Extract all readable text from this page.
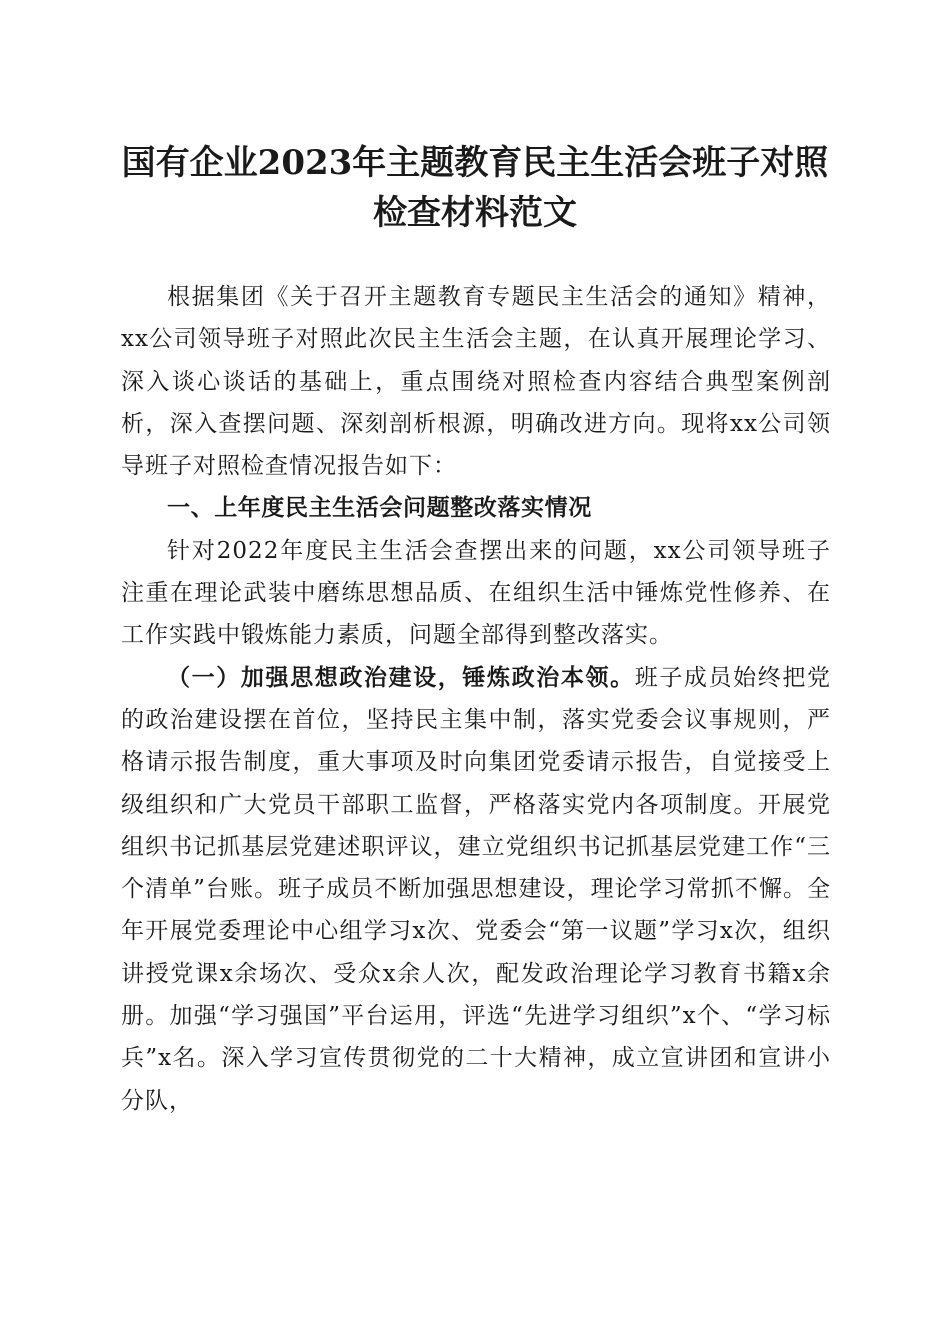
国有企业2023年主题教育民主生活会班子对照检查材料范文

根据集团《关于召开主题教育专题民主生活会的通知》精神，xx公司领导班子对照此次民主生活会主题，在认真开展理论学习、深入谈心谈话的基础上，重点围绕对照检查内容结合典型案例剖析，深入查摆问题、深刻剖析根源，明确改进方向。现将xx公司领导班子对照检查情况报告如下：

一、上年度民主生活会问题整改落实情况

针对2022年度民主生活会查摆出来的问题，xx公司领导班子注重在理论武装中磨练思想品质、在组织生活中锤炼党性修养、在工作实践中锻炼能力素质，问题全部得到整改落实。

（一）加强思想政治建设，锤炼政治本领。班子成员始终把党的政治建设摆在首位，坚持民主集中制，落实党委会议事规则，严格请示报告制度，重大事项及时向集团党委请示报告，自觉接受上级组织和广大党员干部职工监督，严格落实党内各项制度。开展党组织书记抓基层党建述职评议，建立党组织书记抓基层党建工作“三个清单”台账。班子成员不断加强思想建设，理论学习常抓不懈。全年开展党委理论中心组学习x次、党委会“第一议题”学习x次，组织讲授党课x余场次、受众x余人次，配发政治理论学习教育书籍x余册。加强“学习强国”平台运用，评选“先进学习组织”x个、“学习标兵”x名。深入学习宣传贯彻党的二十大精神，成立宣讲团和宣讲小分队，
